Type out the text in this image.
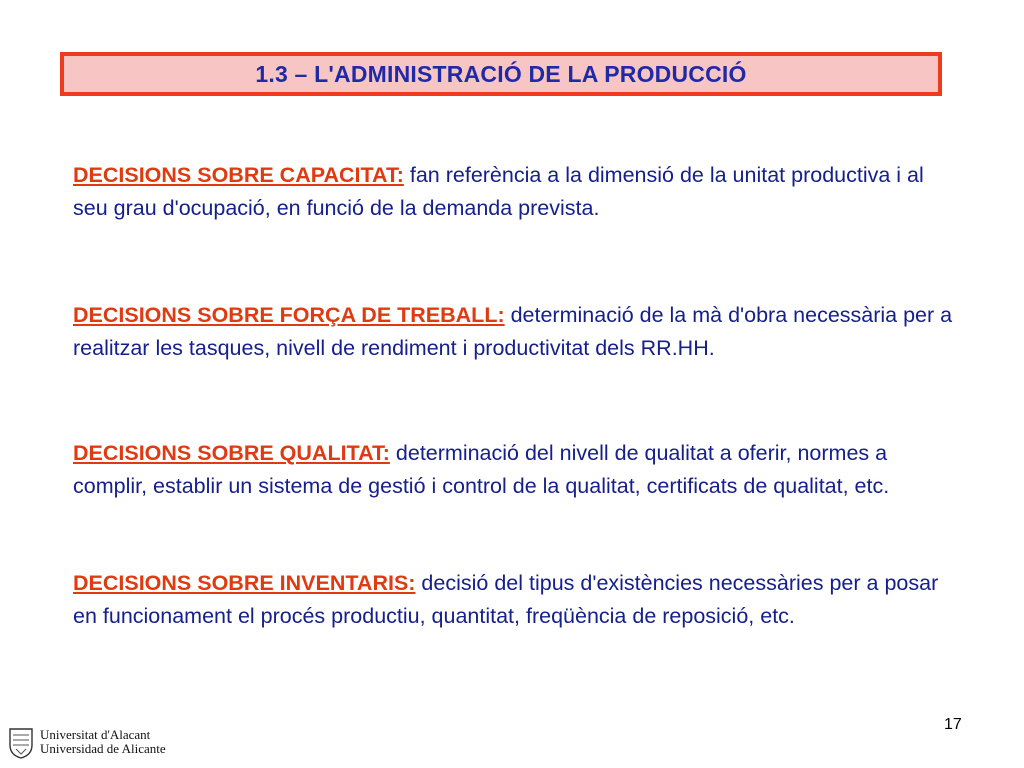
1.3 – L'ADMINISTRACIÓ DE LA PRODUCCIÓ
DECISIONS SOBRE CAPACITAT: fan referència a la dimensió de la unitat productiva i al seu grau d'ocupació, en funció de la demanda prevista.
DECISIONS SOBRE FORÇA DE TREBALL: determinació de la mà d'obra necessària per a realitzar les tasques, nivell de rendiment i productivitat dels RR.HH.
DECISIONS SOBRE QUALITAT: determinació del nivell de qualitat a oferir, normes a complir, establir un sistema de gestió i control de la qualitat, certificats de qualitat, etc.
DECISIONS SOBRE INVENTARIS: decisió del tipus d'existències necessàries per a posar en funcionament el procés productiu, quantitat, freqüència de reposició, etc.
17
Universitat d'Alacant
Universidad de Alicante
